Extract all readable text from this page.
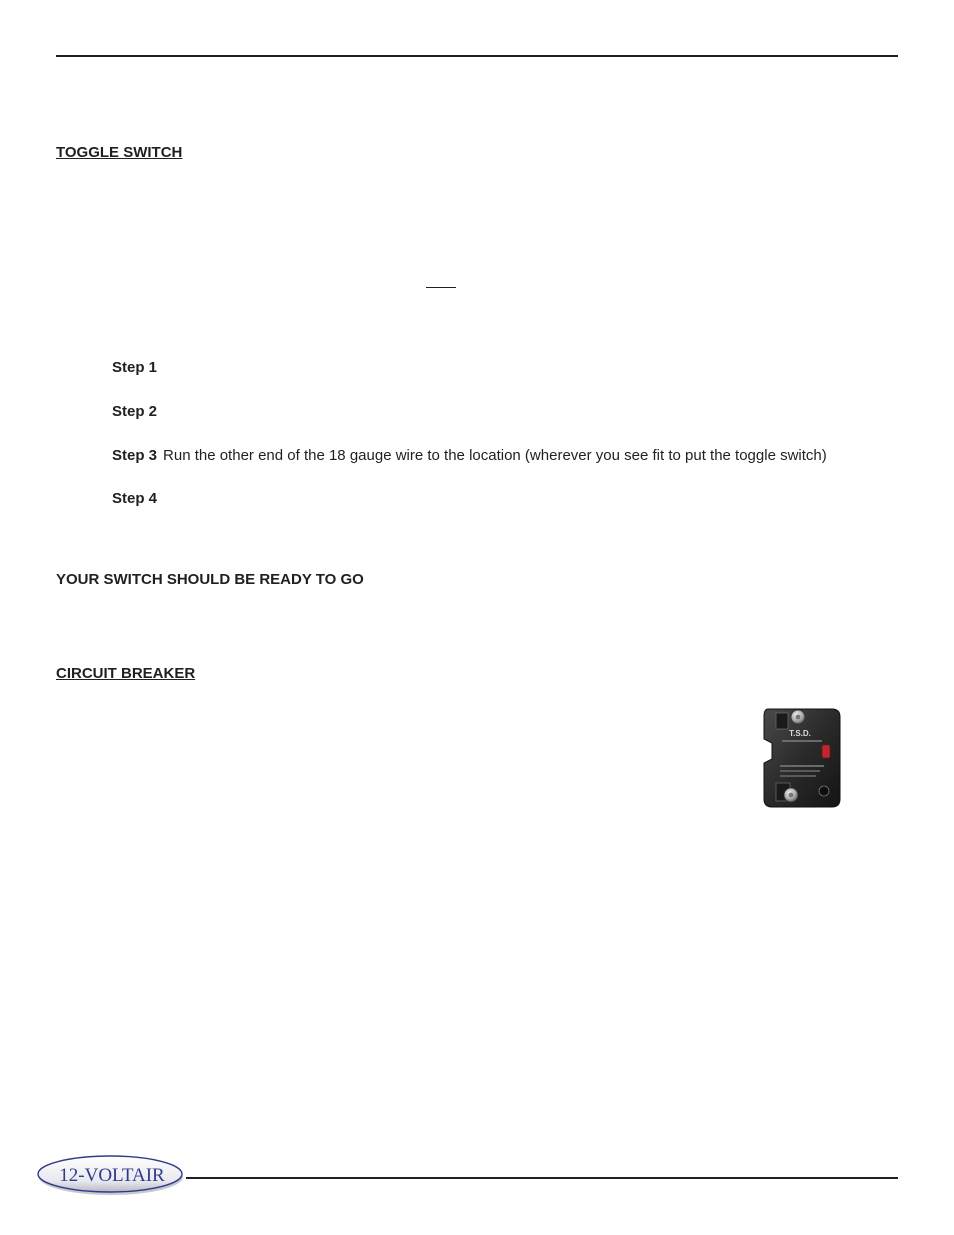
TOGGLE SWITCH
Step 1
Step 2
Step 3 Run the other end of the 18 gauge wire to the location (wherever you see fit to put the toggle switch)
Step 4
YOUR SWITCH SHOULD BE READY TO GO
CIRCUIT BREAKER
T.S.D.
12-VOLTAIR
